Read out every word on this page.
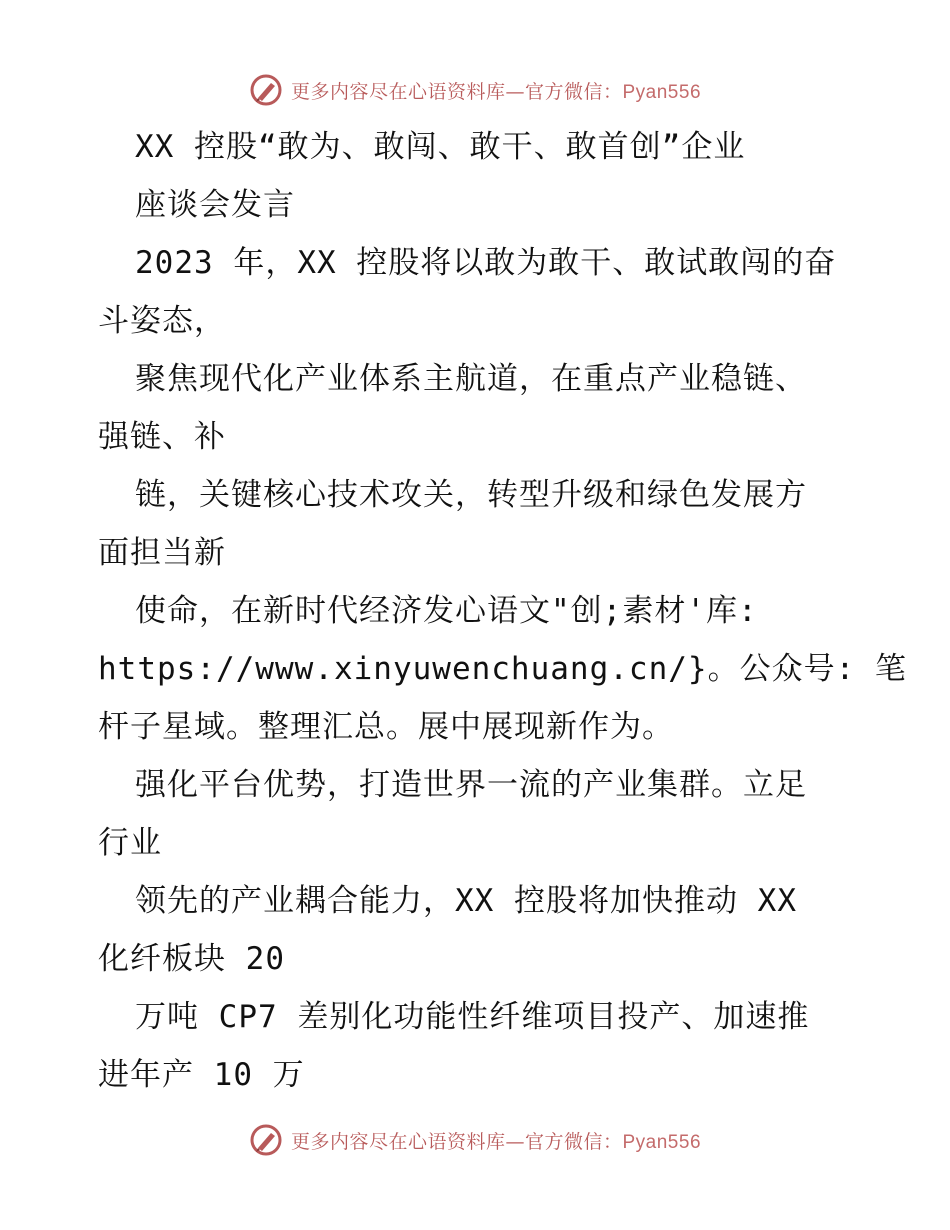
更多内容尽在心语资料库—官方微信：Pyan556
XX 控股“敢为、敢闯、敢干、敢首创”企业
座谈会发言
2023 年，XX 控股将以敢为敢干、敢试敢闯的奋
斗姿态，
聚焦现代化产业体系主航道，在重点产业稳链、
强链、补
链，关键核心技术攻关，转型升级和绿色发展方
面担当新
使命，在新时代经济发心语文"创;素材'库:
https://www.xinyuwenchuang.cn/}。公众号: 笔
杆子星域。整理汇总。展中展现新作为。
强化平台优势，打造世界一流的产业集群。立足
行业
领先的产业耦合能力，XX 控股将加快推动 XX
化纤板块 20
万吨 CP7 差别化功能性纤维项目投产、加速推
进年产 10 万
更多内容尽在心语资料库—官方微信：Pyan556
